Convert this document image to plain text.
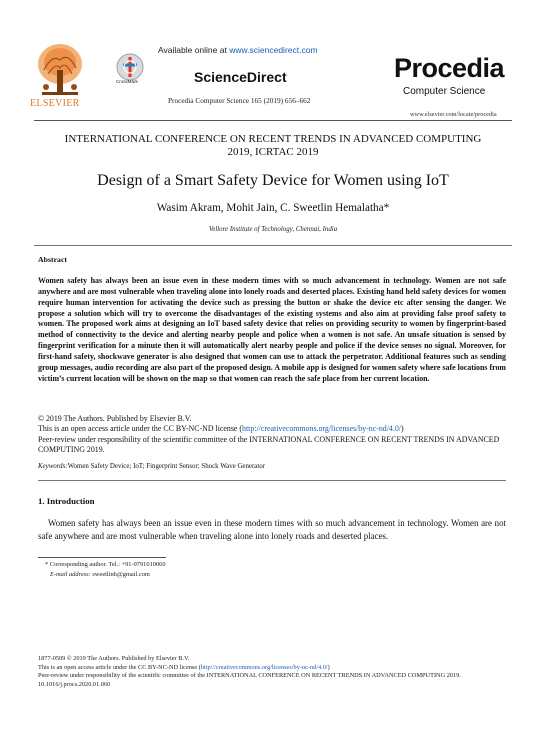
ELSEVIER
Available online at www.sciencedirect.com
CrossMark	ScienceDirect
Procedia Computer Science 165 (2019) 656–662
Procedia
Computer Science
www.elsevier.com/locate/procedia
INTERNATIONAL CONFERENCE ON RECENT TRENDS IN ADVANCED COMPUTING
2019, ICRTAC 2019
Design of a Smart Safety Device for Women using IoT
Wasim Akram, Mohit Jain, C. Sweetlin Hemalatha*
Vellore Institute of Technology, Chennai, India
Abstract
Women safety has always been an issue even in these modern times with so much advancement in technology. Women are not safe anywhere and are most vulnerable when traveling alone into lonely roads and deserted places. Existing hand held safety devices for women require human intervention for activating the device such as pressing the button or shake the device etc after sensing the danger. We propose a solution which will try to overcome the disadvantages of the existing systems and also aim at providing false proof safety to women. The proposed work aims at designing an IoT based safety device that relies on providing security to women by fingerprint-based method of connectivity to the device and alerting nearby people and police when a women is not safe. An unsafe situation is sensed by fingerprint verification for a minute then it will automatically alert nearby people and police if the device senses no signal. Moreover, for first-hand safety, shockwave generator is also designed that women can use to attack the perpetrator. Additional features such as sending group messages, audio recording are also part of the proposed design. A mobile app is designed for women safety where safe locations from victim’s current location will be shown on the map so that women can reach the safe place from her current location.
© 2019 The Authors. Published by Elsevier B.V.
This is an open access article under the CC BY-NC-ND license (http://creativecommons.org/licenses/by-nc-nd/4.0/)
Peer-review under responsibility of the scientific committee of the INTERNATIONAL CONFERENCE ON RECENT TRENDS IN ADVANCED COMPUTING 2019.
Keywords:Women Safety Device; IoT; Fingerprint Sensor; Shock Wave Generator
1. Introduction
Women safety has always been an issue even in these modern times with so much advancement in technology. Women are not safe anywhere and are most vulnerable when traveling alone into lonely roads and deserted places.
* Corresponding author. Tel.: +91-9791010060
E-mail address: sweetlinh@gmail.com
1877-0509 © 2019 The Authors. Published by Elsevier B.V.
This is an open access article under the CC BY-NC-ND license (http://creativecommons.org/licenses/by-nc-nd/4.0/)
Peer-review under responsibility of the scientific committee of the INTERNATIONAL CONFERENCE ON RECENT TRENDS IN ADVANCED COMPUTING 2019.
10.1016/j.procs.2020.01.060
